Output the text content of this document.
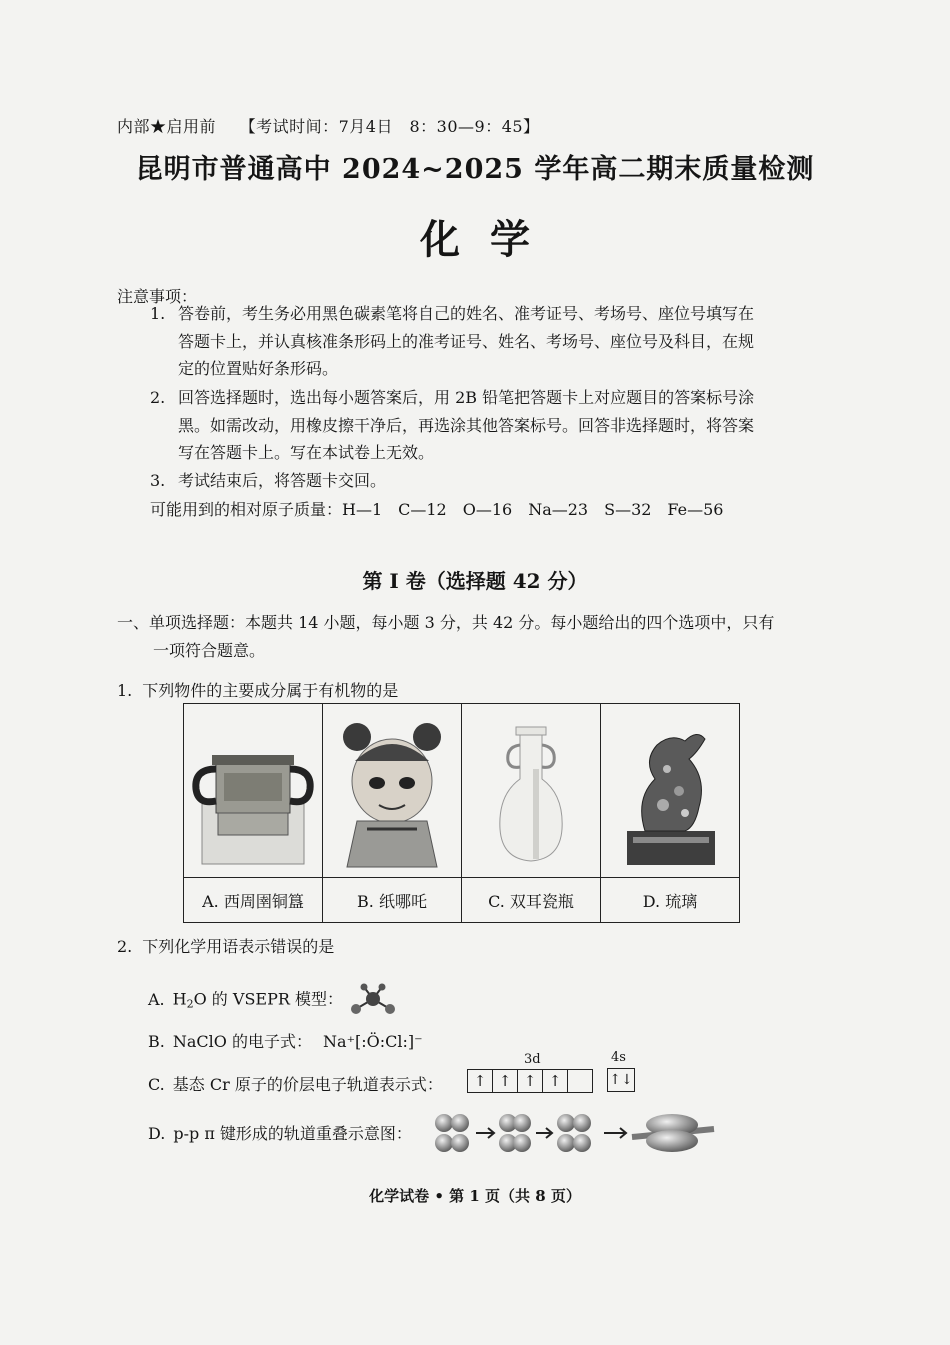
内部★启用前 【考试时间：7月4日　8：30—9：45】
昆明市普通高中 2024~2025 学年高二期末质量检测
化学
注意事项：
1. 答卷前，考生务必用黑色碳素笔将自己的姓名、准考证号、考场号、座位号填写在
答题卡上，并认真核准条形码上的准考证号、姓名、考场号、座位号及科目，在规
定的位置贴好条形码。
2. 回答选择题时，选出每小题答案后，用 2B 铅笔把答题卡上对应题目的答案标号涂
黑。如需改动，用橡皮擦干净后，再选涂其他答案标号。回答非选择题时，将答案
写在答题卡上。写在本试卷上无效。
3. 考试结束后，将答题卡交回。
可能用到的相对原子质量：H—1　C—12　O—16　Na—23　S—32　Fe—56
第 I 卷（选择题 42 分）
一、单项选择题：本题共 14 小题，每小题 3 分，共 42 分。每小题给出的四个选项中，只有
一项符合题意。
1. 下列物件的主要成分属于有机物的是

A. 西周圉铜簋	B. 纸哪吒	C. 双耳瓷瓶	D. 琉璃
2. 下列化学用语表示错误的是
A. $H_2O$ 的 VSEPR 模型：
B. NaClO 的电子式： Na⁺[:Ö:Cl:]⁻
C. 基态 Cr 原子的价层电子轨道表示式：
3d	4s
↑ ↑ ↑ ↑	↑↓
D. p-p π 键形成的轨道重叠示意图：
化学试卷 • 第 1 页（共 8 页）
